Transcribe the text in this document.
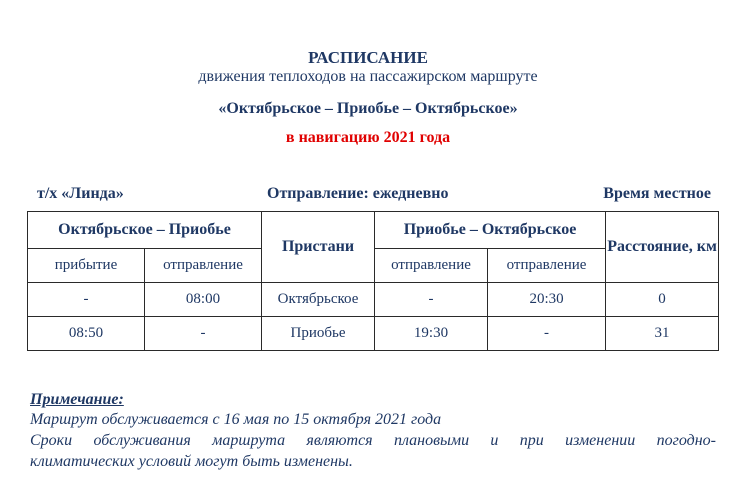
РАСПИСАНИЕ
движения теплоходов на пассажирском маршруте
«Октябрьское – Приобье – Октябрьское»
в навигацию 2021 года
т/х «Линда»	Отправление: ежедневно	Время местное
Октябрьское – Приобье		Пристани	Приобье – Октябрьское		Расстояние, км
прибытие	отправление		отправление	отправление	
-	08:00	Октябрьское	-	20:30	0
08:50	-	Приобье	19:30	-	31
Примечание:
Маршрут обслуживается с 16 мая по 15 октября 2021 года
Сроки обслуживания маршрута являются плановыми и при изменении погодно-
климатических условий могут быть изменены.
